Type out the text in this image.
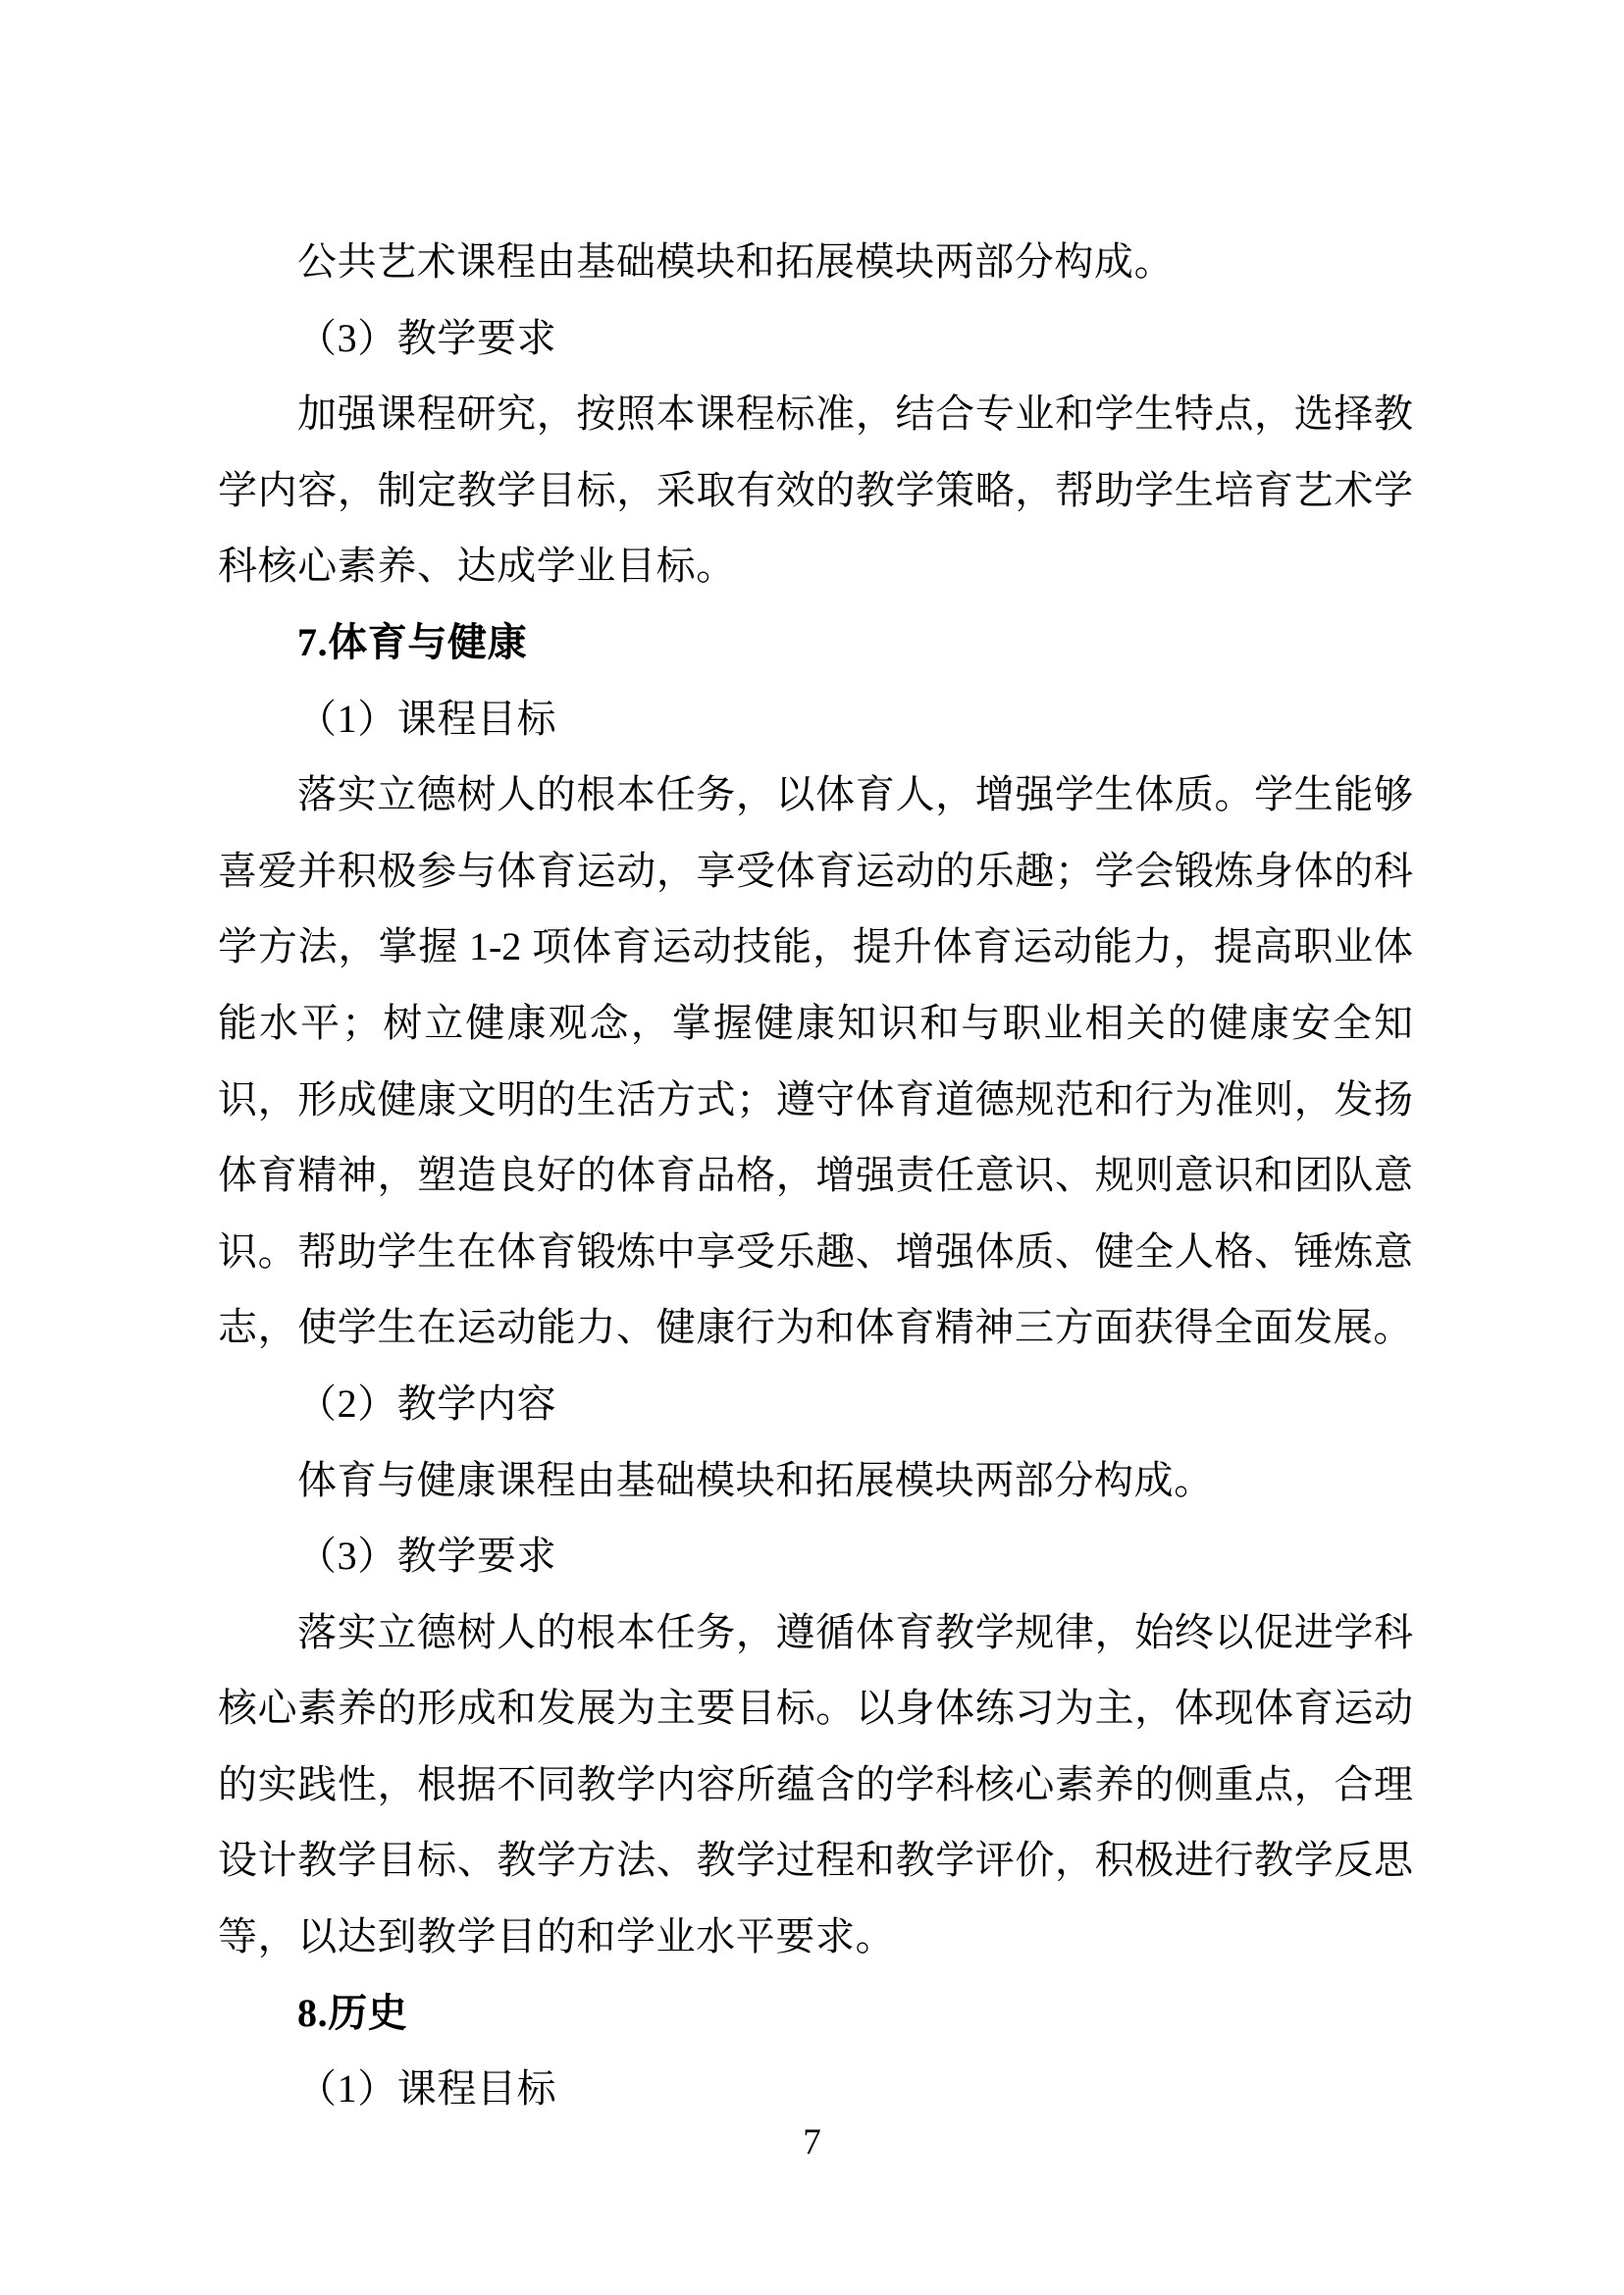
公共艺术课程由基础模块和拓展模块两部分构成。
（3）教学要求
加强课程研究，按照本课程标准，结合专业和学生特点，选择教
学内容，制定教学目标，采取有效的教学策略，帮助学生培育艺术学
科核心素养、达成学业目标。
7.体育与健康
（1）课程目标
落实立德树人的根本任务，以体育人，增强学生体质。学生能够
喜爱并积极参与体育运动，享受体育运动的乐趣；学会锻炼身体的科
学方法，掌握 1-2 项体育运动技能，提升体育运动能力，提高职业体
能水平；树立健康观念，掌握健康知识和与职业相关的健康安全知
识，形成健康文明的生活方式；遵守体育道德规范和行为准则，发扬
体育精神，塑造良好的体育品格，增强责任意识、规则意识和团队意
识。帮助学生在体育锻炼中享受乐趣、增强体质、健全人格、锤炼意
志，使学生在运动能力、健康行为和体育精神三方面获得全面发展。
（2）教学内容
体育与健康课程由基础模块和拓展模块两部分构成。
（3）教学要求
落实立德树人的根本任务，遵循体育教学规律，始终以促进学科
核心素养的形成和发展为主要目标。以身体练习为主，体现体育运动
的实践性，根据不同教学内容所蕴含的学科核心素养的侧重点，合理
设计教学目标、教学方法、教学过程和教学评价，积极进行教学反思
等，以达到教学目的和学业水平要求。
8.历史
（1）课程目标
7
